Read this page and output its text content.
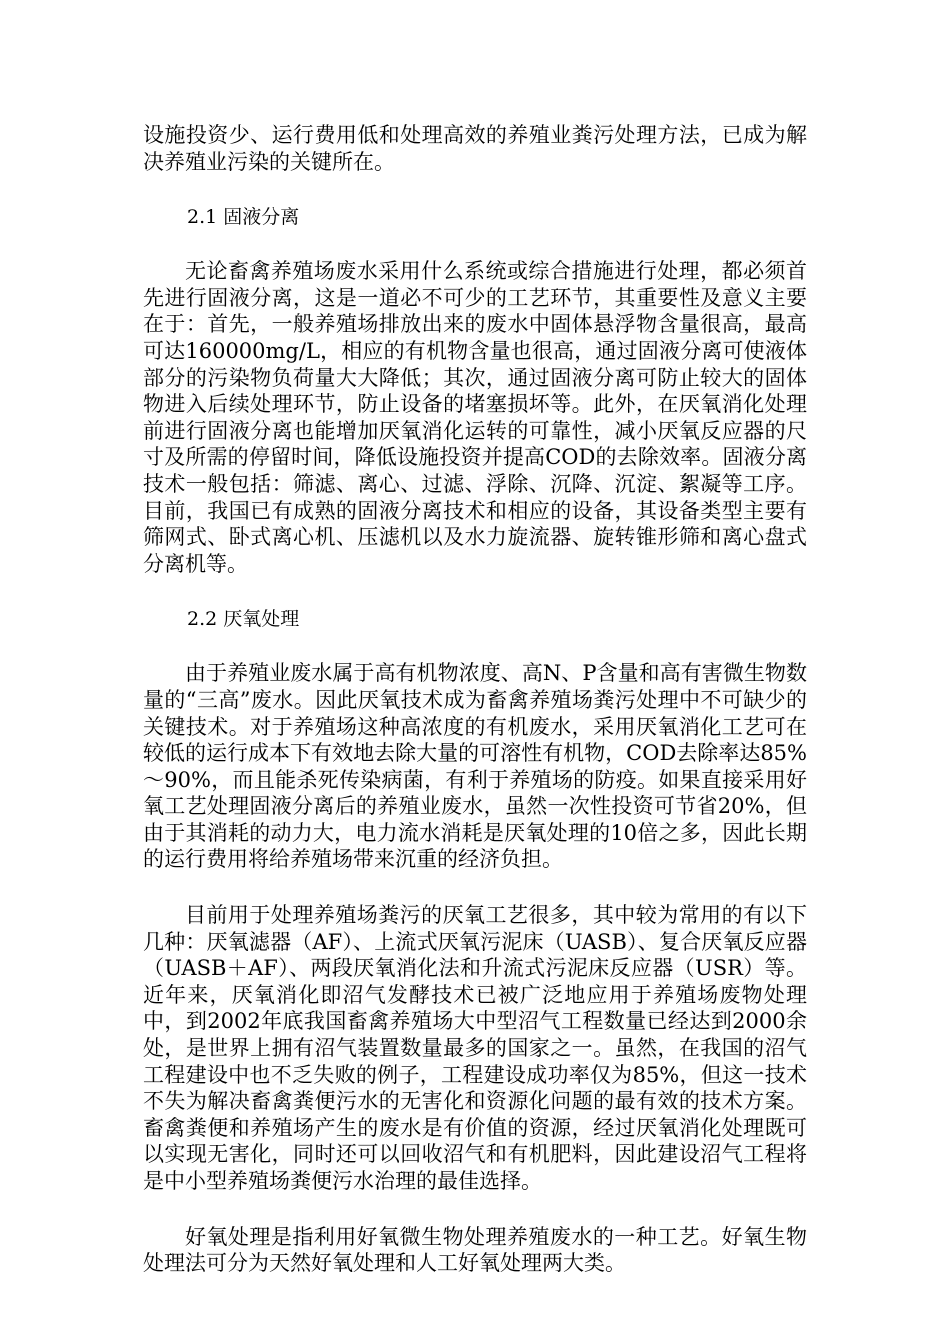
设施投资少、运行费用低和处理高效的养殖业粪污处理方法，已成为解决养殖业污染的关键所在。

2.1 固液分离

无论畜禽养殖场废水采用什么系统或综合措施进行处理，都必须首先进行固液分离，这是一道必不可少的工艺环节，其重要性及意义主要在于：首先，一般养殖场排放出来的废水中固体悬浮物含量很高，最高可达160000mg/L，相应的有机物含量也很高，通过固液分离可使液体部分的污染物负荷量大大降低；其次，通过固液分离可防止较大的固体物进入后续处理环节，防止设备的堵塞损坏等。此外，在厌氧消化处理前进行固液分离也能增加厌氧消化运转的可靠性，减小厌氧反应器的尺寸及所需的停留时间，降低设施投资并提高COD的去除效率。固液分离技术一般包括：筛滤、离心、过滤、浮除、沉降、沉淀、絮凝等工序。目前，我国已有成熟的固液分离技术和相应的设备，其设备类型主要有筛网式、卧式离心机、压滤机以及水力旋流器、旋转锥形筛和离心盘式分离机等。

2.2 厌氧处理

由于养殖业废水属于高有机物浓度、高N、P含量和高有害微生物数量的“三高”废水。因此厌氧技术成为畜禽养殖场粪污处理中不可缺少的关键技术。对于养殖场这种高浓度的有机废水，采用厌氧消化工艺可在较低的运行成本下有效地去除大量的可溶性有机物，COD去除率达85%～90%，而且能杀死传染病菌，有利于养殖场的防疫。如果直接采用好氧工艺处理固液分离后的养殖业废水，虽然一次性投资可节省20%，但由于其消耗的动力大，电力流水消耗是厌氧处理的10倍之多，因此长期的运行费用将给养殖场带来沉重的经济负担。

目前用于处理养殖场粪污的厌氧工艺很多，其中较为常用的有以下几种：厌氧滤器（AF）、上流式厌氧污泥床（UASB）、复合厌氧反应器（UASB＋AF）、两段厌氧消化法和升流式污泥床反应器（USR）等。近年来，厌氧消化即沼气发酵技术已被广泛地应用于养殖场废物处理中，到2002年底我国畜禽养殖场大中型沼气工程数量已经达到2000余处，是世界上拥有沼气装置数量最多的国家之一。虽然，在我国的沼气工程建设中也不乏失败的例子，工程建设成功率仅为85%，但这一技术不失为解决畜禽粪便污水的无害化和资源化问题的最有效的技术方案。畜禽粪便和养殖场产生的废水是有价值的资源，经过厌氧消化处理既可以实现无害化，同时还可以回收沼气和有机肥料，因此建设沼气工程将是中小型养殖场粪便污水治理的最佳选择。

好氧处理是指利用好氧微生物处理养殖废水的一种工艺。好氧生物处理法可分为天然好氧处理和人工好氧处理两大类。
